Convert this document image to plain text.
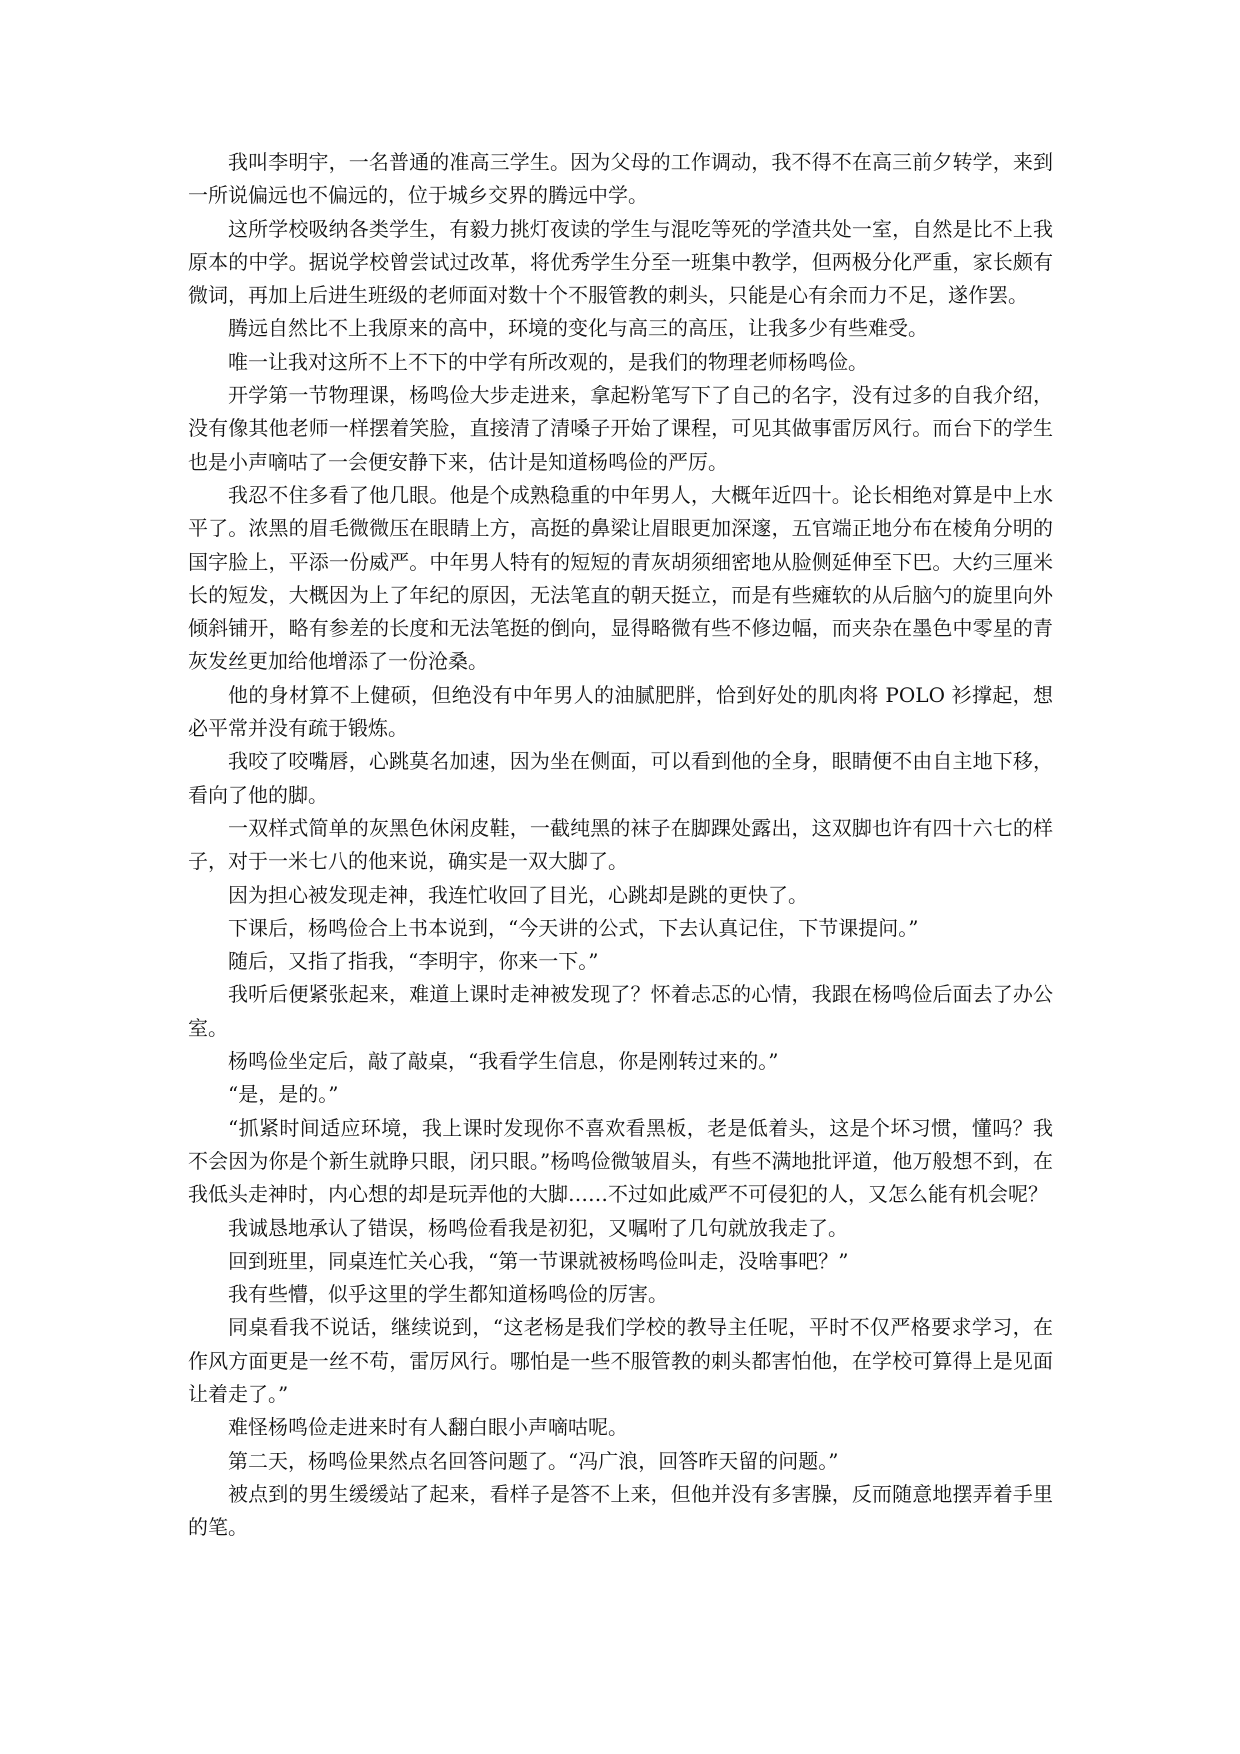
我叫李明宇，一名普通的准高三学生。因为父母的工作调动，我不得不在高三前夕转学，来到一所说偏远也不偏远的，位于城乡交界的腾远中学。

这所学校吸纳各类学生，有毅力挑灯夜读的学生与混吃等死的学渣共处一室，自然是比不上我原本的中学。据说学校曾尝试过改革，将优秀学生分至一班集中教学，但两极分化严重，家长颇有微词，再加上后进生班级的老师面对数十个不服管教的刺头，只能是心有余而力不足，遂作罢。

腾远自然比不上我原来的高中，环境的变化与高三的高压，让我多少有些难受。

唯一让我对这所不上不下的中学有所改观的，是我们的物理老师杨鸣俭。

开学第一节物理课，杨鸣俭大步走进来，拿起粉笔写下了自己的名字，没有过多的自我介绍，没有像其他老师一样摆着笑脸，直接清了清嗓子开始了课程，可见其做事雷厉风行。而台下的学生也是小声嘀咕了一会便安静下来，估计是知道杨鸣俭的严厉。

我忍不住多看了他几眼。他是个成熟稳重的中年男人，大概年近四十。论长相绝对算是中上水平了。浓黑的眉毛微微压在眼睛上方，高挺的鼻梁让眉眼更加深邃，五官端正地分布在棱角分明的国字脸上，平添一份威严。中年男人特有的短短的青灰胡须细密地从脸侧延伸至下巴。大约三厘米长的短发，大概因为上了年纪的原因，无法笔直的朝天挺立，而是有些瘫软的从后脑勺的旋里向外倾斜铺开，略有参差的长度和无法笔挺的倒向，显得略微有些不修边幅，而夹杂在墨色中零星的青灰发丝更加给他增添了一份沧桑。

他的身材算不上健硕，但绝没有中年男人的油腻肥胖，恰到好处的肌肉将 POLO 衫撑起，想必平常并没有疏于锻炼。

我咬了咬嘴唇，心跳莫名加速，因为坐在侧面，可以看到他的全身，眼睛便不由自主地下移，看向了他的脚。

一双样式简单的灰黑色休闲皮鞋，一截纯黑的袜子在脚踝处露出，这双脚也许有四十六七的样子，对于一米七八的他来说，确实是一双大脚了。

因为担心被发现走神，我连忙收回了目光，心跳却是跳的更快了。

下课后，杨鸣俭合上书本说到，“今天讲的公式，下去认真记住，下节课提问。”

随后，又指了指我，“李明宇，你来一下。”

我听后便紧张起来，难道上课时走神被发现了？怀着忐忑的心情，我跟在杨鸣俭后面去了办公室。

杨鸣俭坐定后，敲了敲桌，“我看学生信息，你是刚转过来的。”

“是，是的。”

“抓紧时间适应环境，我上课时发现你不喜欢看黑板，老是低着头，这是个坏习惯，懂吗？我不会因为你是个新生就睁只眼，闭只眼。”杨鸣俭微皱眉头，有些不满地批评道，他万般想不到，在我低头走神时，内心想的却是玩弄他的大脚……不过如此威严不可侵犯的人，又怎么能有机会呢？

我诚恳地承认了错误，杨鸣俭看我是初犯，又嘱咐了几句就放我走了。

回到班里，同桌连忙关心我，“第一节课就被杨鸣俭叫走，没啥事吧？”

我有些懵，似乎这里的学生都知道杨鸣俭的厉害。

同桌看我不说话，继续说到，“这老杨是我们学校的教导主任呢，平时不仅严格要求学习，在作风方面更是一丝不苟，雷厉风行。哪怕是一些不服管教的刺头都害怕他，在学校可算得上是见面让着走了。”

难怪杨鸣俭走进来时有人翻白眼小声嘀咕呢。

第二天，杨鸣俭果然点名回答问题了。“冯广浪，回答昨天留的问题。”

被点到的男生缓缓站了起来，看样子是答不上来，但他并没有多害臊，反而随意地摆弄着手里的笔。
